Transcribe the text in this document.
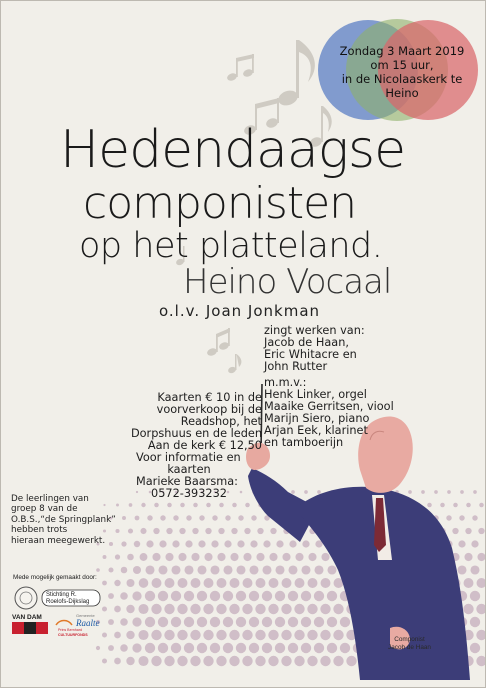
Zondag 3 Maart 2019
om 15 uur,
in de Nicolaaskerk te
Heino
Hedendaagse
componisten
op het platteland.
Heino Vocaal
o.l.v. Joan Jonkman
zingt werken van:
Jacob de Haan,
Eric Whitacre en
John Rutter
m.m.v.:
Henk Linker, orgel
Maaike Gerritsen, viool
Marijn Siero, piano
Arjan Eek, klarinet
en tamboerijn
Kaarten € 10 in de
voorverkoop bij de
Readshop, het
Dorpshuus en de leden
Aan de kerk € 12,50
Voor informatie en
kaarten
Marieke Baarsma:
0572-393232
De leerlingen van
groep 8 van de
O.B.S.,“de Springplank”
hebben trots
hieraan meegewerkt.
Mede mogelijk gemaakt door:
Stichting R.
Roelofs-Dijkslag
VAN DAM	Gemeente
Raalte
Prins Bernhard
CULTUURFONDS
Componist
Jacob de Haan
